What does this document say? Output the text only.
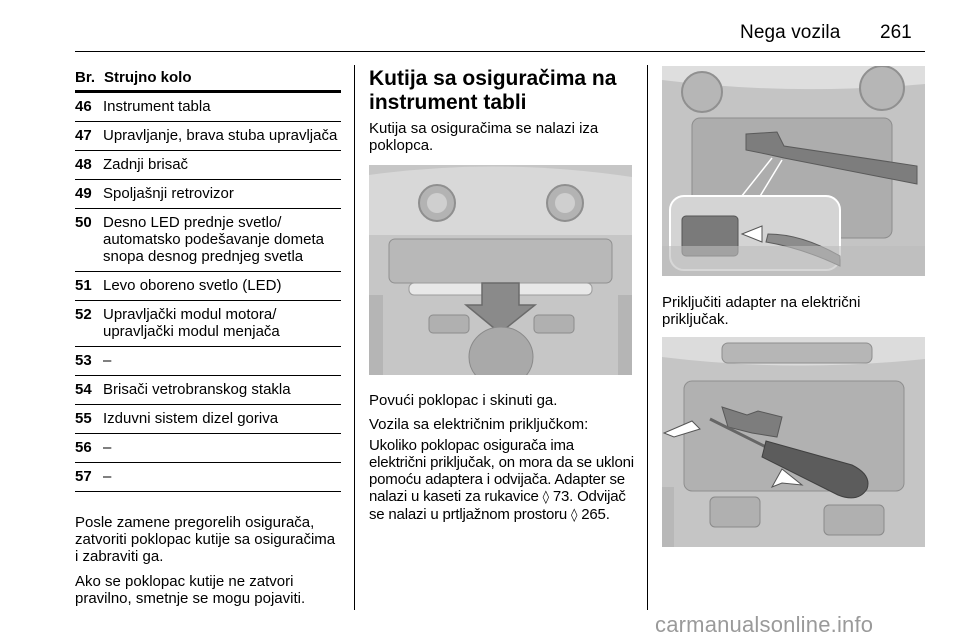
Nega vozila 261
Br. Strujno kolo
46 Instrument tabla
47 Upravljanje, brava stuba upravljača
48 Zadnji brisač
49 Spoljašnji retrovizor
50 Desno LED prednje svetlo/ automatsko podešavanje dometa snopa desnog prednjeg svetla
51 Levo oboreno svetlo (LED)
52 Upravljački modul motora/ upravljački modul menjača
53 –
54 Brisači vetrobranskog stakla
55 Izduvni sistem dizel goriva
56 –
57 –

Posle zamene pregorelih osigurača, zatvoriti poklopac kutije sa osiguračima i zabraviti ga.

Ako se poklopac kutije ne zatvori pravilno, smetnje se mogu pojaviti.

Kutija sa osiguračima na instrument tabli

Kutija sa osiguračima se nalazi iza poklopca.

Povući poklopac i skinuti ga.

Vozila sa električnim priključkom:

Ukoliko poklopac osigurača ima električni priključak, on mora da se ukloni pomoću adaptera i odvijača. Adapter se nalazi u kaseti za rukavice ◊ 73. Odvijač se nalazi u prtljažnom prostoru ◊ 265.

Priključiti adapter na električni priključak.

carmanualsonline.info
